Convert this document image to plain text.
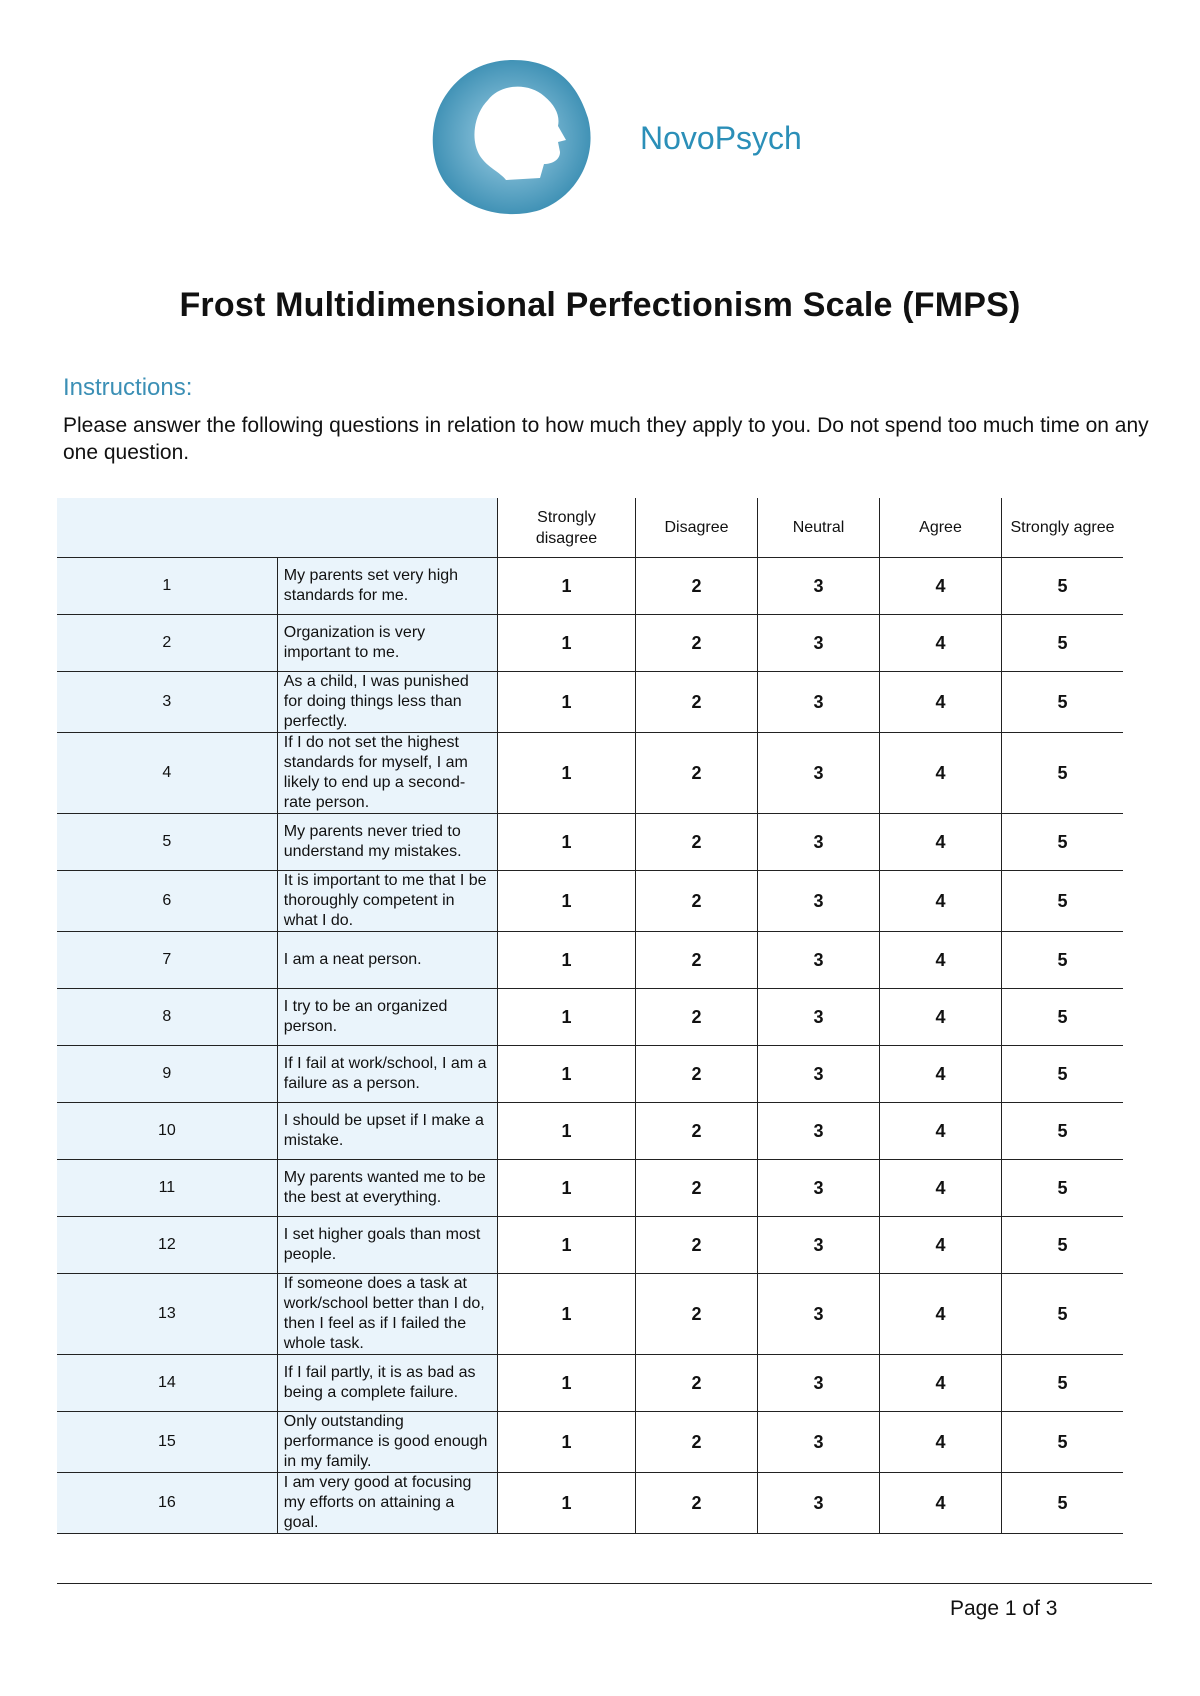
NovoPsych
Frost Multidimensional Perfectionism Scale (FMPS)
Instructions:
Please answer the following questions in relation to how much they apply to you. Do not spend too much time on any one question.
		Strongly disagree	Disagree	Neutral	Agree	Strongly agree
1	My parents set very high standards for me.	1	2	3	4	5
2	Organization is very important to me.	1	2	3	4	5
3	As a child, I was punished for doing things less than perfectly.	1	2	3	4	5
4	If I do not set the highest standards for myself, I am likely to end up a second-rate person.	1	2	3	4	5
5	My parents never tried to understand my mistakes.	1	2	3	4	5
6	It is important to me that I be thoroughly competent in what I do.	1	2	3	4	5
7	I am a neat person.	1	2	3	4	5
8	I try to be an organized person.	1	2	3	4	5
9	If I fail at work/school, I am a failure as a person.	1	2	3	4	5
10	I should be upset if I make a mistake.	1	2	3	4	5
11	My parents wanted me to be the best at everything.	1	2	3	4	5
12	I set higher goals than most people.	1	2	3	4	5
13	If someone does a task at work/school better than I do, then I feel as if I failed the whole task.	1	2	3	4	5
14	If I fail partly, it is as bad as being a complete failure.	1	2	3	4	5
15	Only outstanding performance is good enough in my family.	1	2	3	4	5
16	I am very good at focusing my efforts on attaining a goal.	1	2	3	4	5
Page 1 of 3
